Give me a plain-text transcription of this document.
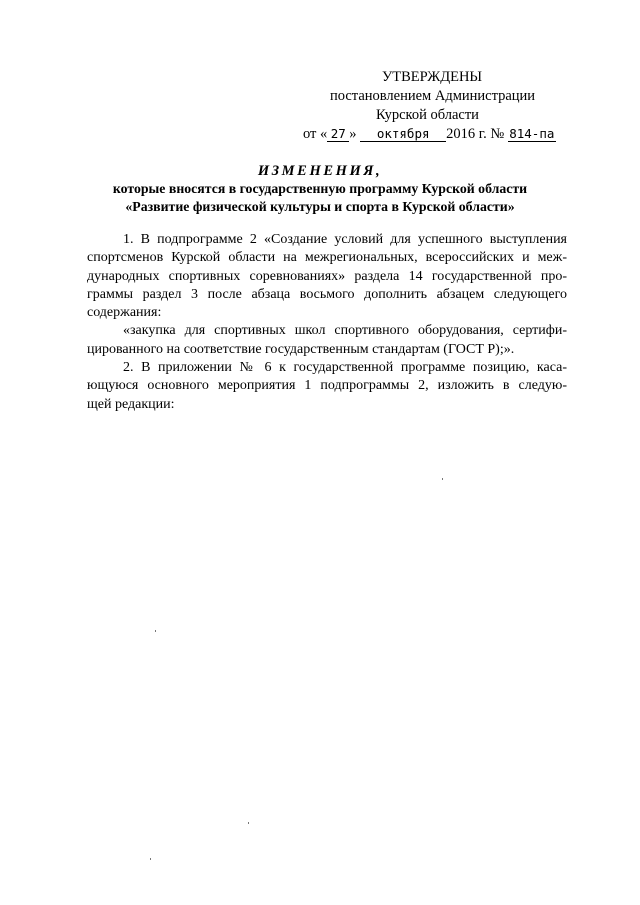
УТВЕРЖДЕНЫ
постановлением Администрации
Курской области
от « 27 » октября 2016 г. № 814-па
ИЗМЕНЕНИЯ,
которые вносятся в государственную программу Курской области
«Развитие физической культуры и спорта в Курской области»

1. В подпрограмме 2 «Создание условий для успешного выступления
спортсменов Курской области на межрегиональных, всероссийских и меж-
дународных спортивных соревнованиях» раздела 14 государственной про-
граммы раздел 3 после абзаца восьмого дополнить абзацем следующего
содержания:

«закупка для спортивных школ спортивного оборудования, сертифи-
цированного на соответствие государственным стандартам (ГОСТ Р);».

2. В приложении № 6 к государственной программе позицию, каса-
ющуюся основного мероприятия 1 подпрограммы 2, изложить в следую-
щей редакции:
